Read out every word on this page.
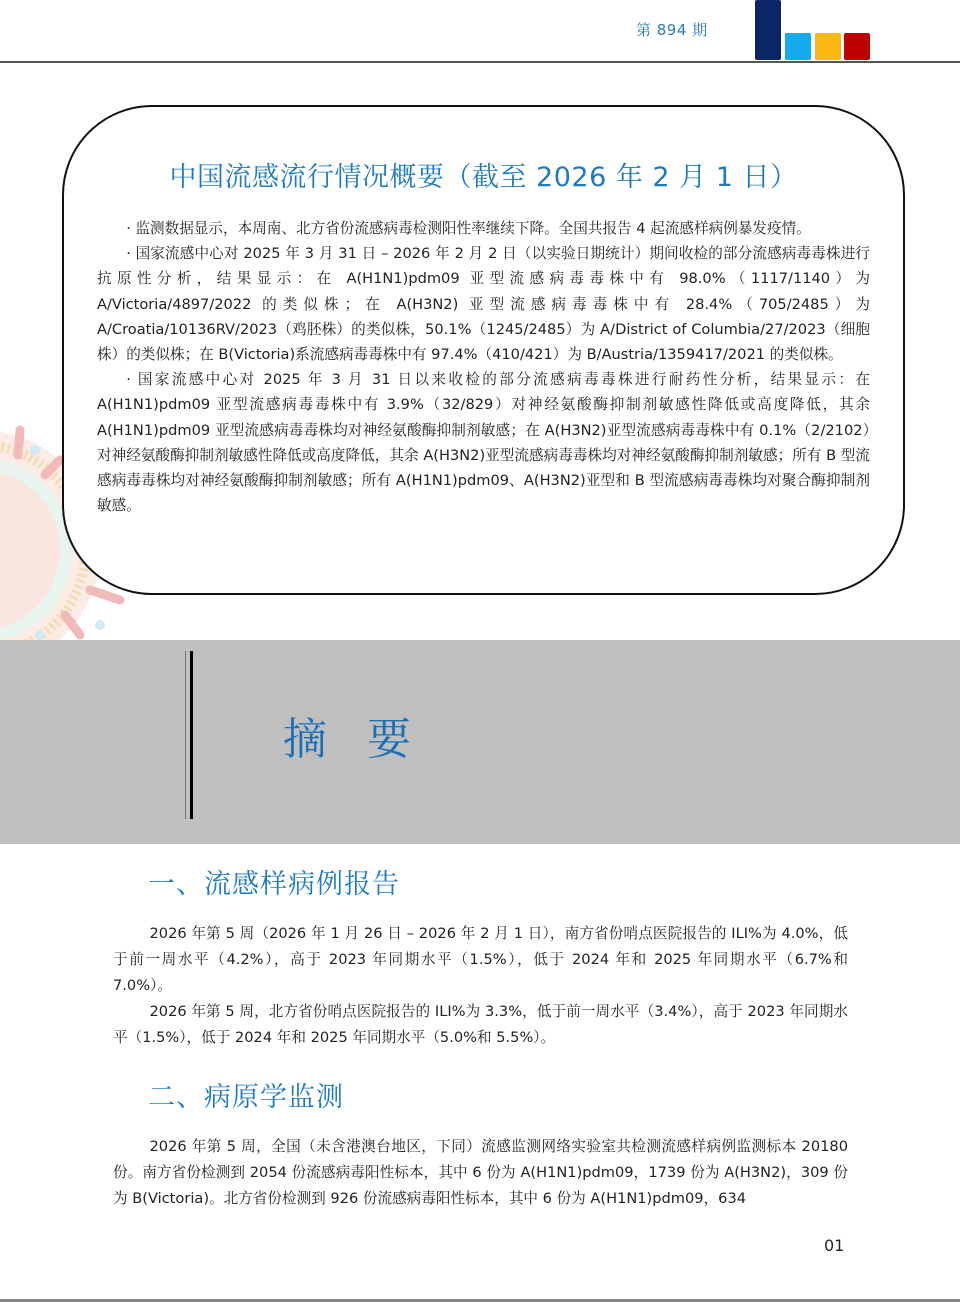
第 894 期
中国流感流行情况概要（截至 2026 年 2 月 1 日）

· 监测数据显示，本周南、北方省份流感病毒检测阳性率继续下降。全国共报告 4 起流感样病例暴发疫情。

· 国家流感中心对 2025 年 3 月 31 日 – 2026 年 2 月 2 日（以实验日期统计）期间收检的部分流感病毒毒株进行抗原性分析，结果显示：在 A(H1N1)pdm09 亚型流感病毒毒株中有 98.0%（1117/1140）为 A/Victoria/4897/2022 的类似株；在 A(H3N2) 亚型流感病毒毒株中有 28.4%（705/2485）为 A/Croatia/10136RV/2023（鸡胚株）的类似株，50.1%（1245/2485）为 A/District of Columbia/27/2023（细胞株）的类似株；在 B(Victoria)系流感病毒毒株中有 97.4%（410/421）为 B/Austria/1359417/2021 的类似株。

· 国家流感中心对 2025 年 3 月 31 日以来收检的部分流感病毒毒株进行耐药性分析，结果显示：在 A(H1N1)pdm09 亚型流感病毒毒株中有 3.9%（32/829）对神经氨酸酶抑制剂敏感性降低或高度降低，其余 A(H1N1)pdm09 亚型流感病毒毒株均对神经氨酸酶抑制剂敏感；在 A(H3N2)亚型流感病毒毒株中有 0.1%（2/2102）对神经氨酸酶抑制剂敏感性降低或高度降低，其余 A(H3N2)亚型流感病毒毒株均对神经氨酸酶抑制剂敏感；所有 B 型流感病毒毒株均对神经氨酸酶抑制剂敏感；所有 A(H1N1)pdm09、A(H3N2)亚型和 B 型流感病毒毒株均对聚合酶抑制剂敏感。

摘要
一、流感样病例报告

2026 年第 5 周（2026 年 1 月 26 日 – 2026 年 2 月 1 日），南方省份哨点医院报告的 ILI%为 4.0%，低于前一周水平（4.2%），高于 2023 年同期水平（1.5%），低于 2024 年和 2025 年同期水平（6.7%和 7.0%）。

2026 年第 5 周，北方省份哨点医院报告的 ILI%为 3.3%，低于前一周水平（3.4%），高于 2023 年同期水平（1.5%），低于 2024 年和 2025 年同期水平（5.0%和 5.5%）。

二、病原学监测

2026 年第 5 周，全国（未含港澳台地区，下同）流感监测网络实验室共检测流感样病例监测标本 20180 份。南方省份检测到 2054 份流感病毒阳性标本，其中 6 份为 A(H1N1)pdm09，1739 份为 A(H3N2)，309 份为 B(Victoria)。北方省份检测到 926 份流感病毒阳性标本，其中 6 份为 A(H1N1)pdm09，634

01
